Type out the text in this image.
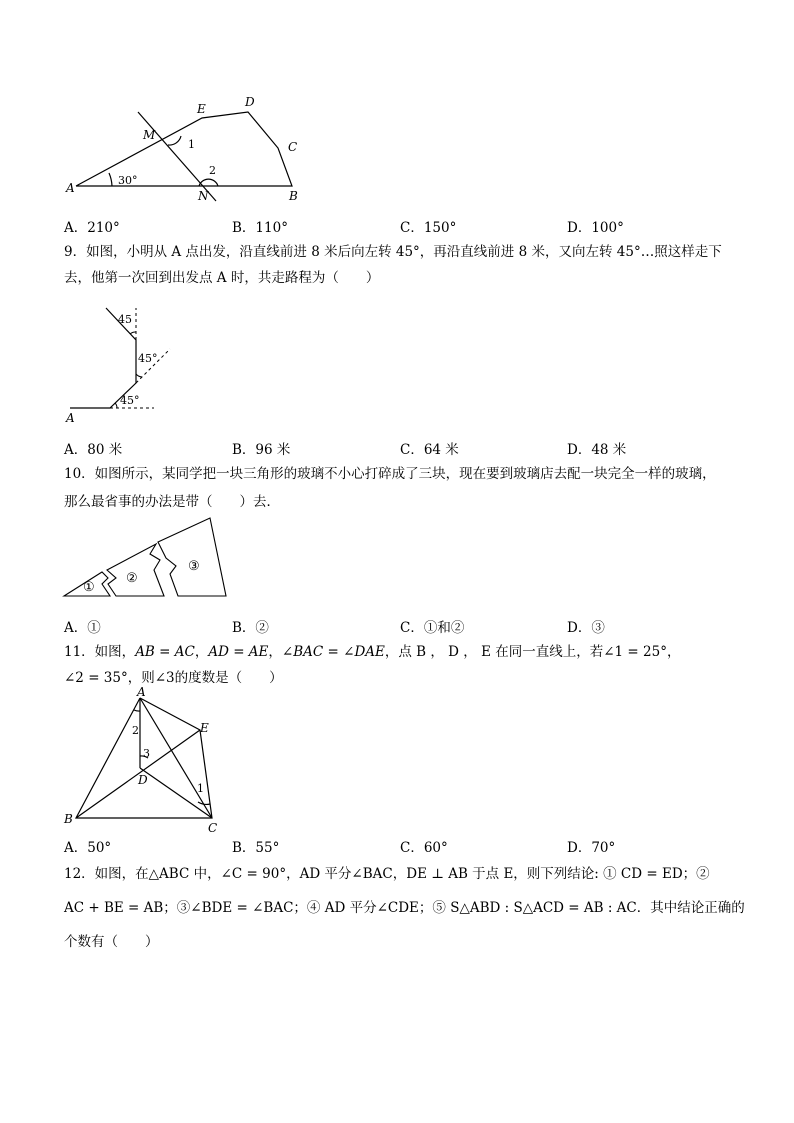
A
B
C
D
E
M
N
1
2
30°
A．210°	B．110°	C．150°	D．100°
9．如图，小明从 A 点出发，沿直线前进 8 米后向左转 45°，再沿直线前进 8 米，又向左转 45°…照这样走下
去，他第一次回到出发点 A 时，共走路程为（　　）
45
45°
45°
A
A．80 米	B．96 米	C．64 米	D．48 米
10．如图所示，某同学把一块三角形的玻璃不小心打碎成了三块，现在要到玻璃店去配一块完全一样的玻璃，
那么最省事的办法是带（　　）去．
①
②
③
A．①	B．②	C．①和②	D．③
11．如图，AB = AC，AD = AE，∠BAC = ∠DAE，点 B ， D ， E 在同一直线上，若∠1 = 25°，
∠2 = 35°，则∠3的度数是（　　）
A
B
C
D
E
1
2
3
A．50°	B．55°	C．60°	D．70°
12．如图，在△ABC 中，∠C = 90°，AD 平分∠BAC，DE ⊥ AB 于点 E，则下列结论: ① CD = ED；②
AC + BE = AB；③∠BDE = ∠BAC；④ AD 平分∠CDE；⑤ S△ABD : S△ACD = AB : AC．其中结论正确的
个数有（　　）
